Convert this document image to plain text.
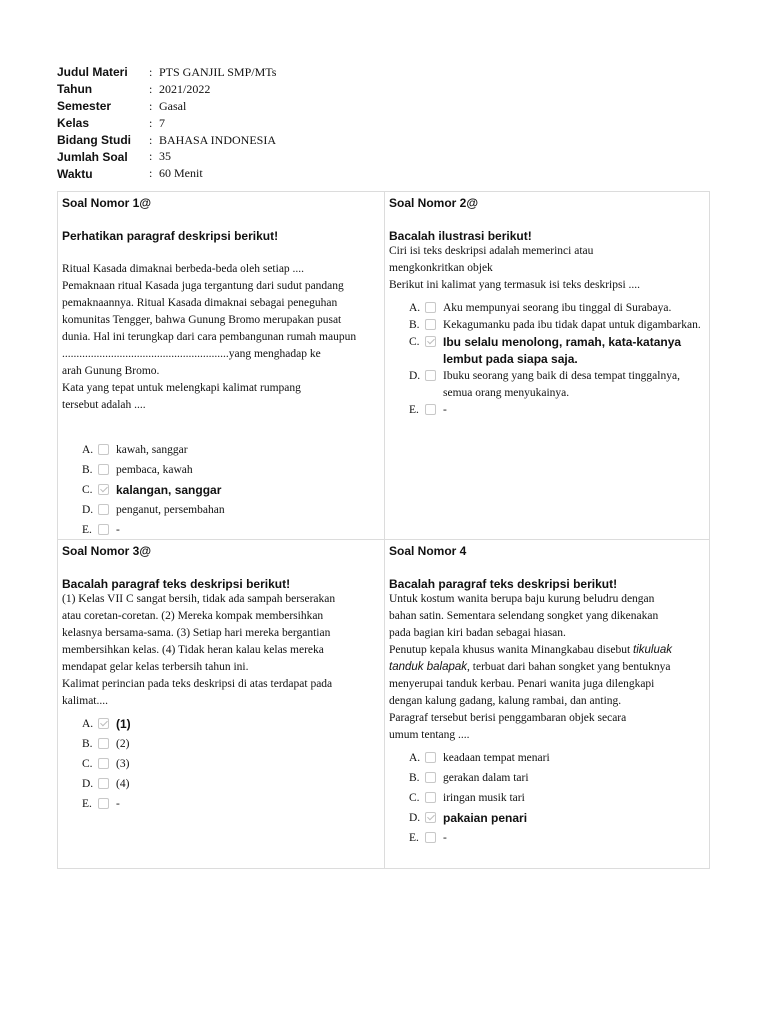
Judul Materi	: PTS GANJIL SMP/MTs
Tahun	: 2021/2022
Semester	: Gasal
Kelas	: 7
Bidang Studi	: BAHASA INDONESIA
Jumlah Soal	: 35
Waktu	: 60 Menit
Soal Nomor 1@
Perhatikan paragraf deskripsi berikut!

Ritual Kasada dimaknai berbeda-beda oleh setiap ....

Pemaknaan ritual Kasada juga tergantung dari sudut pandang

pemaknaannya. Ritual Kasada dimaknai sebagai peneguhan

komunitas Tengger, bahwa Gunung Bromo merupakan pusat

dunia. Hal ini terungkap dari cara pembangunan rumah maupun

..........................................................yang menghadap ke

arah Gunung Bromo.

Kata yang tepat untuk melengkapi kalimat rumpang

tersebut adalah ....

A. kawah, sanggar
B.	pembaca, kawah
C. kalangan, sanggar
D. penganut, persembahan
E.	-
Soal Nomor 2@
Bacalah ilustrasi berikut!

Ciri isi teks deskripsi adalah memerinci atau

mengkonkritkan objek

Berikut ini kalimat yang termasuk isi teks deskripsi ....

A. Aku mempunyai seorang ibu tinggal di Surabaya.
B.	Kekagumanku pada ibu tidak dapat untuk digambarkan.
C. Ibu selalu menolong, ramah, kata-katanya lembut pada siapa saja.
D. Ibuku seorang yang baik di desa tempat tinggalnya, semua orang menyukainya.
E.	-
Soal Nomor 3@
Bacalah paragraf teks deskripsi berikut!

(1) Kelas VII C sangat bersih, tidak ada sampah berserakan

atau coretan-coretan. (2) Mereka kompak membersihkan

kelasnya bersama-sama. (3) Setiap hari mereka bergantian

membersihkan kelas. (4) Tidak heran kalau kelas mereka

mendapat gelar kelas terbersih tahun ini.

Kalimat perincian pada teks deskripsi di atas terdapat pada

kalimat....

A. (1)
B.	(2)
C.	(3)
D. (4)
E.	-
Soal Nomor 4
Bacalah paragraf teks deskripsi berikut!

Untuk kostum wanita berupa baju kurung beludru dengan

bahan satin. Sementara selendang songket yang dikenakan

pada bagian kiri badan sebagai hiasan.

Penutup kepala khusus wanita Minangkabau disebut tikuluak

tanduk balapak, terbuat dari bahan songket yang bentuknya

menyerupai tanduk kerbau. Penari wanita juga dilengkapi

dengan kalung gadang, kalung rambai, dan anting.

Paragraf tersebut berisi penggambaran objek secara

umum tentang ....

A. keadaan tempat menari
B.	gerakan dalam tari
C.	iringan musik tari
D. pakaian penari
E.	-
